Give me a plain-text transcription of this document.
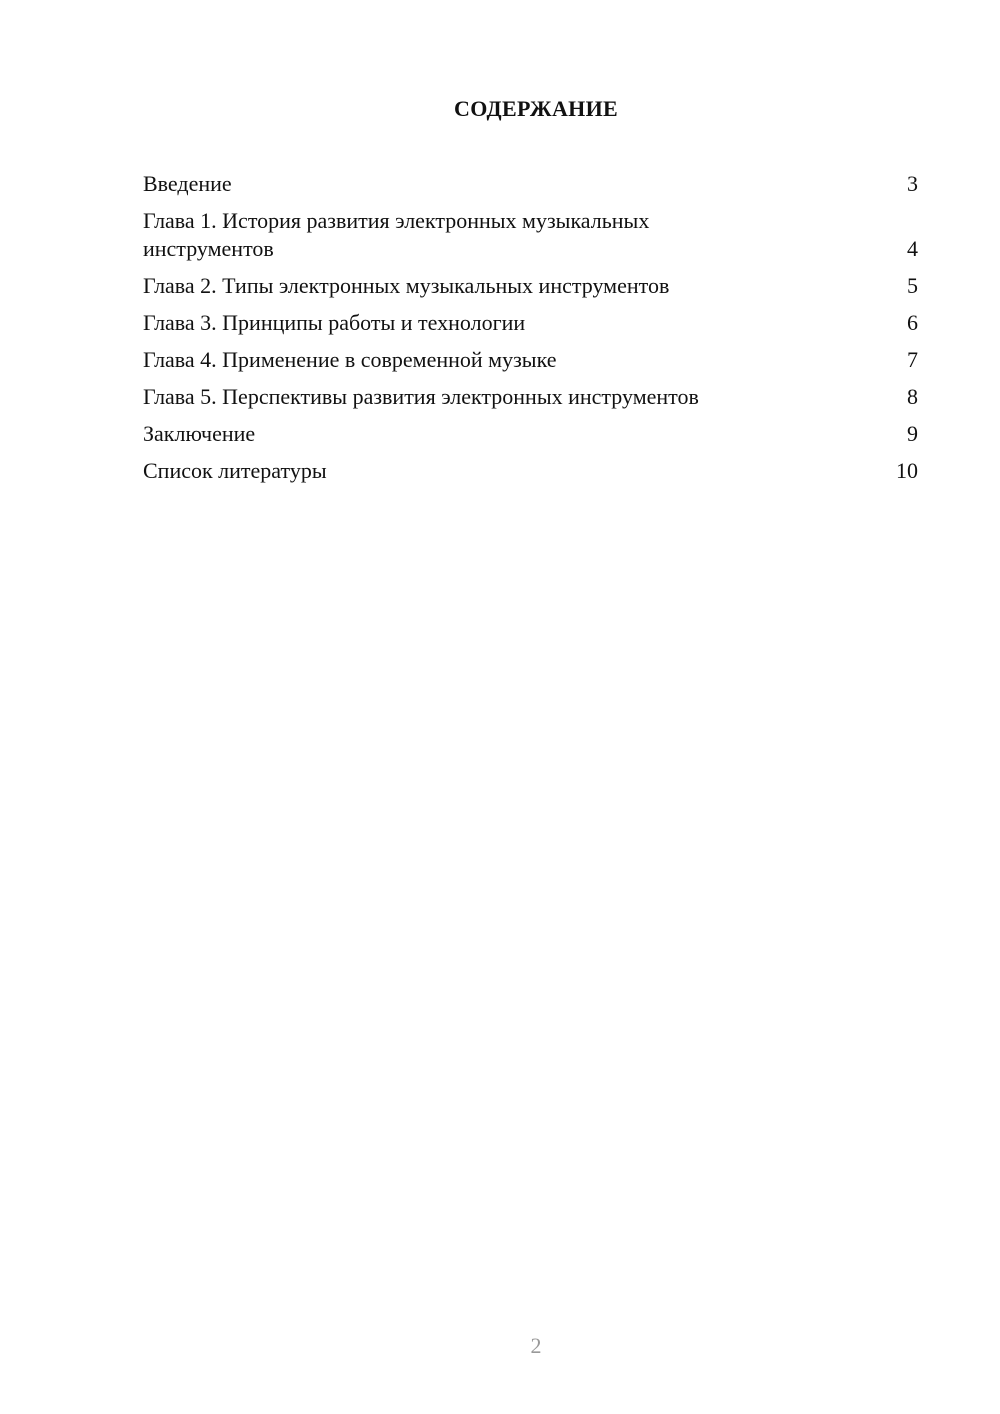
СОДЕРЖАНИЕ
Введение	3
Глава 1. История развития электронных музыкальных инструментов	4
Глава 2. Типы электронных музыкальных инструментов	5
Глава 3. Принципы работы и технологии	6
Глава 4. Применение в современной музыке	7
Глава 5. Перспективы развития электронных инструментов	8
Заключение	9
Список литературы	10
2
